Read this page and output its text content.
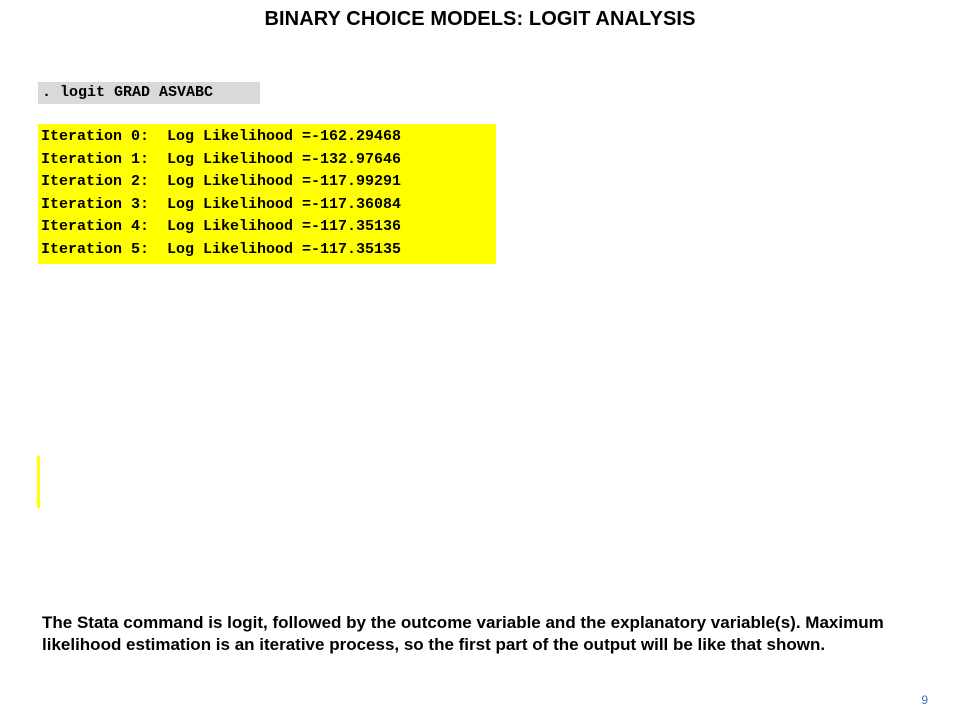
BINARY CHOICE MODELS: LOGIT ANALYSIS
. logit GRAD ASVABC
Iteration 0:  Log Likelihood =-162.29468
Iteration 1:  Log Likelihood =-132.97646
Iteration 2:  Log Likelihood =-117.99291
Iteration 3:  Log Likelihood =-117.36084
Iteration 4:  Log Likelihood =-117.35136
Iteration 5:  Log Likelihood =-117.35135
The Stata command is logit, followed by the outcome variable and the explanatory variable(s). Maximum likelihood estimation is an iterative process, so the first part of the output will be like that shown.
9
